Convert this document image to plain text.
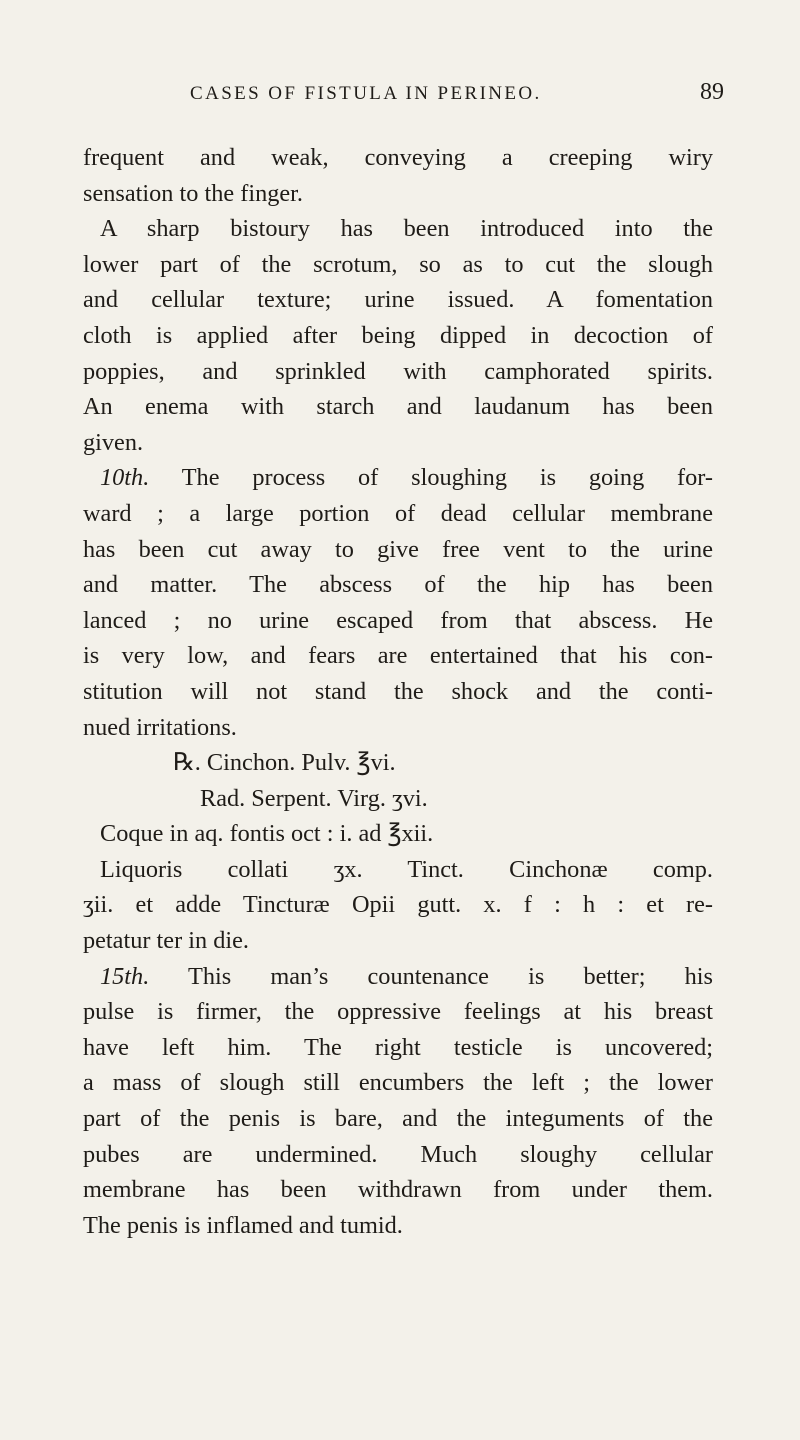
CASES OF FISTULA IN PERINEO.	89
frequent and weak, conveying a creeping wiry
sensation to the finger.
A sharp bistoury has been introduced into the
lower part of the scrotum, so as to cut the slough
and cellular texture; urine issued. A fomentation
cloth is applied after being dipped in decoction of
poppies, and sprinkled with camphorated spirits.
An enema with starch and laudanum has been
given.
10th. The process of sloughing is going for-
ward ; a large portion of dead cellular membrane
has been cut away to give free vent to the urine
and matter. The abscess of the hip has been
lanced ; no urine escaped from that abscess. He
is very low, and fears are entertained that his con-
stitution will not stand the shock and the conti-
nued irritations.
℞. Cinchon. Pulv. ℥vi.
Rad. Serpent. Virg. ʒvi.
Coque in aq. fontis oct : i. ad ℥xii.
Liquoris collati ʒx. Tinct. Cinchonæ comp.
ʒii. et adde Tincturæ Opii gutt. x. f : h : et re-
petatur ter in die.
15th. This man’s countenance is better; his
pulse is firmer, the oppressive feelings at his breast
have left him. The right testicle is uncovered;
a mass of slough still encumbers the left ; the lower
part of the penis is bare, and the integuments of the
pubes are undermined. Much sloughy cellular
membrane has been withdrawn from under them.
The penis is inflamed and tumid.
